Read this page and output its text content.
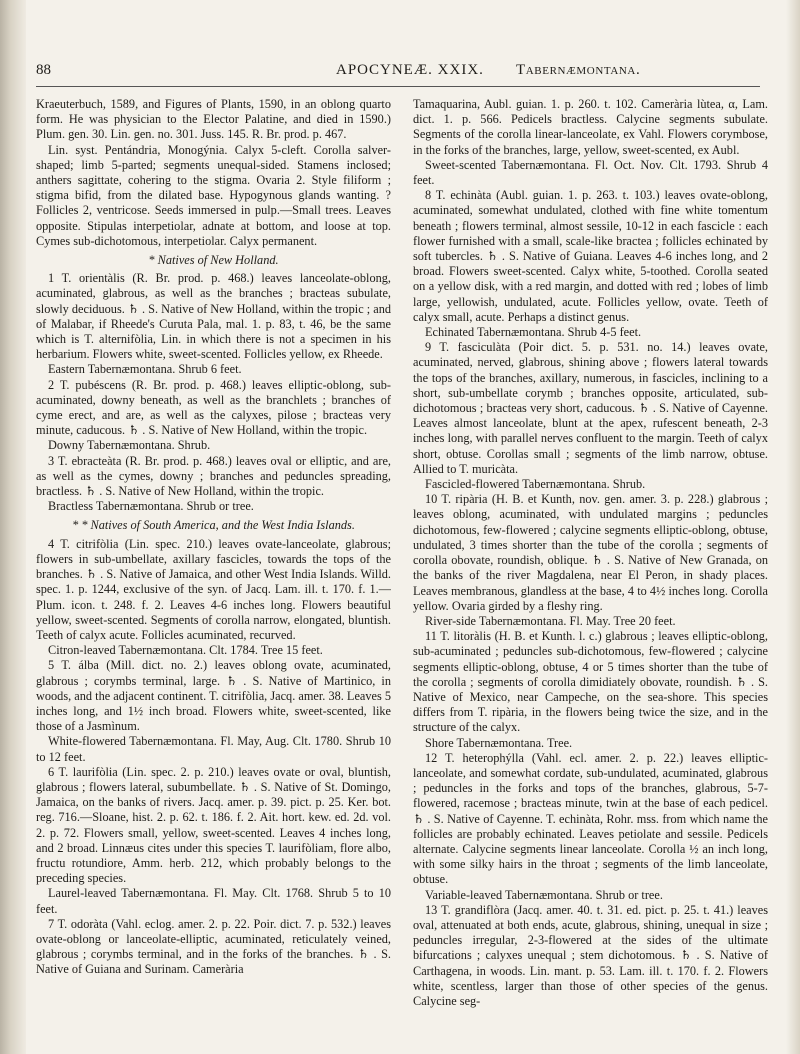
88	APOCYNEÆ. XXIX. Tabernæmontana.

Kraeuterbuch, 1589, and Figures of Plants, 1590, in an oblong quarto form. He was physician to the Elector Palatine, and died in 1590.) Plum. gen. 30. Lin. gen. no. 301. Juss. 145. R. Br. prod. p. 467.

Lin. syst. Pentándria, Monogýnia. Calyx 5-cleft. Corolla salver-shaped; limb 5-parted; segments unequal-sided. Stamens inclosed; anthers sagittate, cohering to the stigma. Ovaria 2. Style filiform ; stigma bifid, from the dilated base. Hypogynous glands wanting. ? Follicles 2, ventricose. Seeds immersed in pulp.—Small trees. Leaves opposite. Stipulas interpetiolar, adnate at bottom, and loose at top. Cymes sub-dichotomous, interpetiolar. Calyx permanent.

* Natives of New Holland.

1 T. orientàlis (R. Br. prod. p. 468.) leaves lanceolate-oblong, acuminated, glabrous, as well as the branches ; bracteas subulate, slowly deciduous. ♄ . S. Native of New Holland, within the tropic ; and of Malabar, if Rheede's Curuta Pala, mal. 1. p. 83, t. 46, be the same which is T. alternifòlia, Lin. in which there is not a specimen in his herbarium. Flowers white, sweet-scented. Follicles yellow, ex Rheede.

Eastern Tabernæmontana. Shrub 6 feet.

2 T. pubéscens (R. Br. prod. p. 468.) leaves elliptic-oblong, sub-acuminated, downy beneath, as well as the branchlets ; branches of cyme erect, and are, as well as the calyxes, pilose ; bracteas very minute, caducous. ♄ . S. Native of New Holland, within the tropic.

Downy Tabernæmontana. Shrub.

3 T. ebracteàta (R. Br. prod. p. 468.) leaves oval or elliptic, and are, as well as the cymes, downy ; branches and peduncles spreading, bractless. ♄ . S. Native of New Holland, within the tropic.

Bractless Tabernæmontana. Shrub or tree.

* * Natives of South America, and the West India Islands.

4 T. citrifòlia (Lin. spec. 210.) leaves ovate-lanceolate, glabrous; flowers in sub-umbellate, axillary fascicles, towards the tops of the branches. ♄ . S. Native of Jamaica, and other West India Islands. Willd. spec. 1. p. 1244, exclusive of the syn. of Jacq. Lam. ill. t. 170. f. 1.—Plum. icon. t. 248. f. 2. Leaves 4-6 inches long. Flowers beautiful yellow, sweet-scented. Segments of corolla narrow, elongated, bluntish. Teeth of calyx acute. Follicles acuminated, recurved.

Citron-leaved Tabernæmontana. Clt. 1784. Tree 15 feet.

5 T. álba (Mill. dict. no. 2.) leaves oblong ovate, acuminated, glabrous ; corymbs terminal, large. ♄ . S. Native of Martinico, in woods, and the adjacent continent. T. citrifòlia, Jacq. amer. 38. Leaves 5 inches long, and 1½ inch broad. Flowers white, sweet-scented, like those of a Jasmìnum.

White-flowered Tabernæmontana. Fl. May, Aug. Clt. 1780. Shrub 10 to 12 feet.

6 T. laurifòlia (Lin. spec. 2. p. 210.) leaves ovate or oval, bluntish, glabrous ; flowers lateral, subumbellate. ♄ . S. Native of St. Domingo, Jamaica, on the banks of rivers. Jacq. amer. p. 39. pict. p. 25. Ker. bot. reg. 716.—Sloane, hist. 2. p. 62. t. 186. f. 2. Ait. hort. kew. ed. 2d. vol. 2. p. 72. Flowers small, yellow, sweet-scented. Leaves 4 inches long, and 2 broad. Linnæus cites under this species T. laurifòliam, flore albo, fructu rotundiore, Amm. herb. 212, which probably belongs to the preceding species.

Laurel-leaved Tabernæmontana. Fl. May. Clt. 1768. Shrub 5 to 10 feet.

7 T. odoràta (Vahl. eclog. amer. 2. p. 22. Poir. dict. 7. p. 532.) leaves ovate-oblong or lanceolate-elliptic, acuminated, reticulately veined, glabrous ; corymbs terminal, and in the forks of the branches. ♄ . S. Native of Guiana and Surinam. Camerària

Tamaquarina, Aubl. guian. 1. p. 260. t. 102. Camerària lùtea, α, Lam. dict. 1. p. 566. Pedicels bractless. Calycine segments subulate. Segments of the corolla linear-lanceolate, ex Vahl. Flowers corymbose, in the forks of the branches, large, yellow, sweet-scented, ex Aubl.

Sweet-scented Tabernæmontana. Fl. Oct. Nov. Clt. 1793. Shrub 4 feet.

8 T. echinàta (Aubl. guian. 1. p. 263. t. 103.) leaves ovate-oblong, acuminated, somewhat undulated, clothed with fine white tomentum beneath ; flowers terminal, almost sessile, 10-12 in each fascicle : each flower furnished with a small, scale-like bractea ; follicles echinated by soft tubercles. ♄ . S. Native of Guiana. Leaves 4-6 inches long, and 2 broad. Flowers sweet-scented. Calyx white, 5-toothed. Corolla seated on a yellow disk, with a red margin, and dotted with red ; lobes of limb large, yellowish, undulated, acute. Follicles yellow, ovate. Teeth of calyx small, acute. Perhaps a distinct genus.

Echinated Tabernæmontana. Shrub 4-5 feet.

9 T. fasciculàta (Poir dict. 5. p. 531. no. 14.) leaves ovate, acuminated, nerved, glabrous, shining above ; flowers lateral towards the tops of the branches, axillary, numerous, in fascicles, inclining to a short, sub-umbellate corymb ; branches opposite, articulated, sub-dichotomous ; bracteas very short, caducous. ♄ . S. Native of Cayenne. Leaves almost lanceolate, blunt at the apex, rufescent beneath, 2-3 inches long, with parallel nerves confluent to the margin. Teeth of calyx short, obtuse. Corollas small ; segments of the limb narrow, obtuse. Allied to T. muricàta.

Fascicled-flowered Tabernæmontana. Shrub.

10 T. ripària (H. B. et Kunth, nov. gen. amer. 3. p. 228.) glabrous ; leaves oblong, acuminated, with undulated margins ; peduncles dichotomous, few-flowered ; calycine segments elliptic-oblong, obtuse, undulated, 3 times shorter than the tube of the corolla ; segments of corolla obovate, roundish, oblique. ♄ . S. Native of New Granada, on the banks of the river Magdalena, near El Peron, in shady places. Leaves membranous, glandless at the base, 4 to 4½ inches long. Corolla yellow. Ovaria girded by a fleshy ring.

River-side Tabernæmontana. Fl. May. Tree 20 feet.

11 T. litoràlis (H. B. et Kunth. l. c.) glabrous ; leaves elliptic-oblong, sub-acuminated ; peduncles sub-dichotomous, few-flowered ; calycine segments elliptic-oblong, obtuse, 4 or 5 times shorter than the tube of the corolla ; segments of corolla dimidiately obovate, roundish. ♄ . S. Native of Mexico, near Campeche, on the sea-shore. This species differs from T. ripària, in the flowers being twice the size, and in the structure of the calyx.

Shore Tabernæmontana. Tree.

12 T. heterophýlla (Vahl. ecl. amer. 2. p. 22.) leaves elliptic-lanceolate, and somewhat cordate, sub-undulated, acuminated, glabrous ; peduncles in the forks and tops of the branches, glabrous, 5-7-flowered, racemose ; bracteas minute, twin at the base of each pedicel. ♄ . S. Native of Cayenne. T. echinàta, Rohr. mss. from which name the follicles are probably echinated. Leaves petiolate and sessile. Pedicels alternate. Calycine segments linear lanceolate. Corolla ½ an inch long, with some silky hairs in the throat ; segments of the limb lanceolate, obtuse.

Variable-leaved Tabernæmontana. Shrub or tree.

13 T. grandiflòra (Jacq. amer. 40. t. 31. ed. pict. p. 25. t. 41.) leaves oval, attenuated at both ends, acute, glabrous, shining, unequal in size ; peduncles irregular, 2-3-flowered at the sides of the ultimate bifurcations ; calyxes unequal ; stem dichotomous. ♄ . S. Native of Carthagena, in woods. Lin. mant. p. 53. Lam. ill. t. 170. f. 2. Flowers white, scentless, larger than those of other species of the genus. Calycine seg-
